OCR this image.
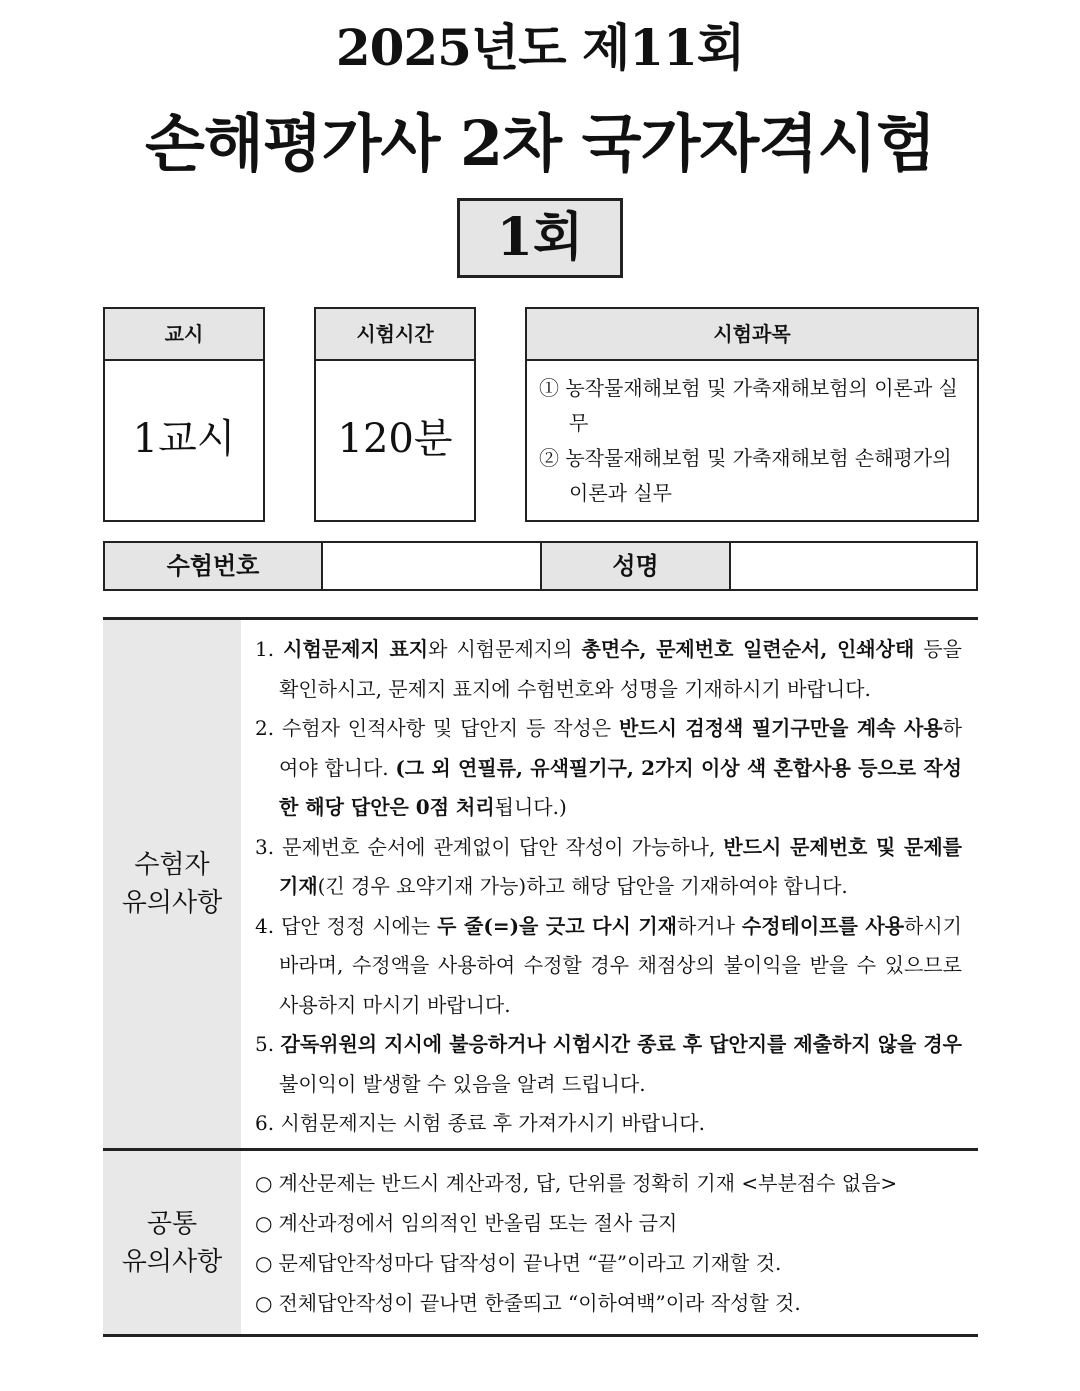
2025년도 제11회
손해평가사 2차 국가자격시험
1회
교시
1교시
시험시간
120분
시험과목
① 농작물재해보험 및 가축재해보험의 이론과 실무
② 농작물재해보험 및 가축재해보험 손해평가의 이론과 실무
수험번호	성명
수험자
유의사항
1. 시험문제지 표지와 시험문제지의 총면수, 문제번호 일련순서, 인쇄상태 등을 확인하시고, 문제지 표지에 수험번호와 성명을 기재하시기 바랍니다.
2. 수험자 인적사항 및 답안지 등 작성은 반드시 검정색 필기구만을 계속 사용하여야 합니다. (그 외 연필류, 유색필기구, 2가지 이상 색 혼합사용 등으로 작성한 해당 답안은 0점 처리됩니다.)
3. 문제번호 순서에 관계없이 답안 작성이 가능하나, 반드시 문제번호 및 문제를 기재(긴 경우 요약기재 가능)하고 해당 답안을 기재하여야 합니다.
4. 답안 정정 시에는 두 줄(=)을 긋고 다시 기재하거나 수정테이프를 사용하시기 바라며, 수정액을 사용하여 수정할 경우 채점상의 불이익을 받을 수 있으므로 사용하지 마시기 바랍니다.
5. 감독위원의 지시에 불응하거나 시험시간 종료 후 답안지를 제출하지 않을 경우 불이익이 발생할 수 있음을 알려 드립니다.
6. 시험문제지는 시험 종료 후 가져가시기 바랍니다.
공통
유의사항
○ 계산문제는 반드시 계산과정, 답, 단위를 정확히 기재 <부분점수 없음>
○ 계산과정에서 임의적인 반올림 또는 절사 금지
○ 문제답안작성마다 답작성이 끝나면 “끝”이라고 기재할 것.
○ 전체답안작성이 끝나면 한줄띄고 “이하여백”이라 작성할 것.
